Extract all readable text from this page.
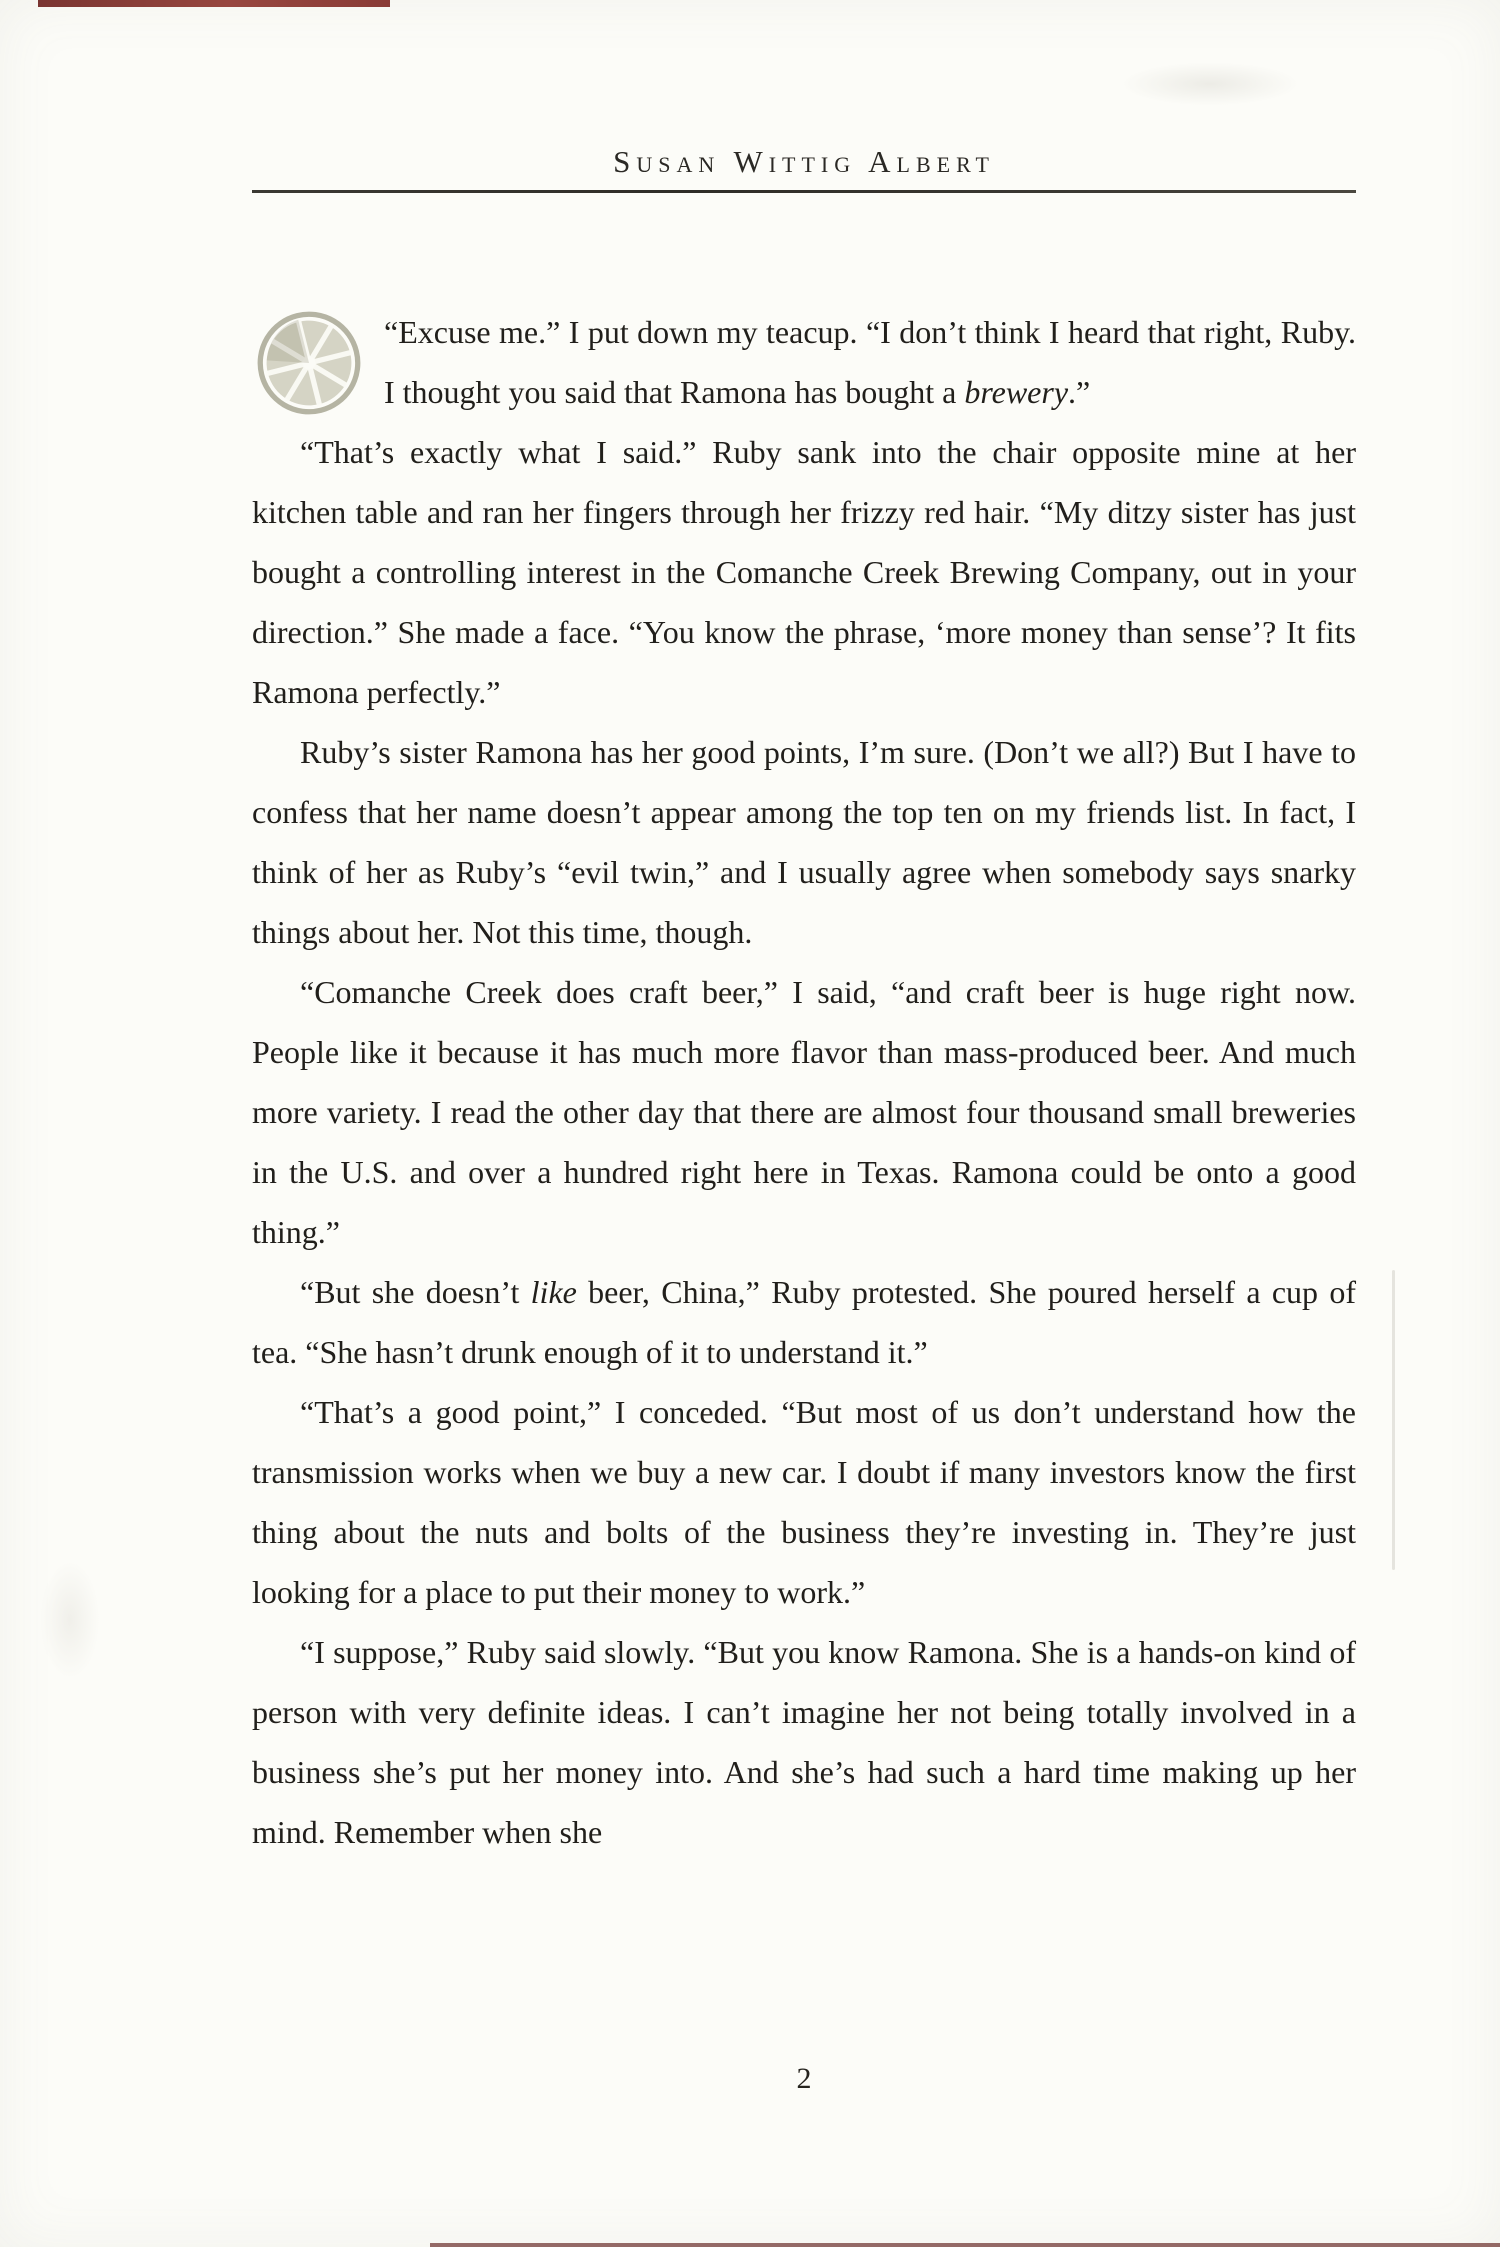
Susan Wittig Albert

“Excuse me.” I put down my teacup. “I don’t think I heard that right, Ruby. I thought you said that Ramona has bought a brewery.”

“That’s exactly what I said.” Ruby sank into the chair opposite mine at her kitchen table and ran her fingers through her frizzy red hair. “My ditzy sister has just bought a controlling interest in the Comanche Creek Brewing Company, out in your direction.” She made a face. “You know the phrase, ‘more money than sense’? It fits Ramona perfectly.”

Ruby’s sister Ramona has her good points, I’m sure. (Don’t we all?) But I have to confess that her name doesn’t appear among the top ten on my friends list. In fact, I think of her as Ruby’s “evil twin,” and I usually agree when somebody says snarky things about her. Not this time, though.

“Comanche Creek does craft beer,” I said, “and craft beer is huge right now. People like it because it has much more flavor than mass-produced beer. And much more variety. I read the other day that there are almost four thousand small breweries in the U.S. and over a hundred right here in Texas. Ramona could be onto a good thing.”

“But she doesn’t like beer, China,” Ruby protested. She poured herself a cup of tea. “She hasn’t drunk enough of it to understand it.”

“That’s a good point,” I conceded. “But most of us don’t understand how the transmission works when we buy a new car. I doubt if many investors know the first thing about the nuts and bolts of the business they’re investing in. They’re just looking for a place to put their money to work.”

“I suppose,” Ruby said slowly. “But you know Ramona. She is a hands-on kind of person with very definite ideas. I can’t imagine her not being totally involved in a business she’s put her money into. And she’s had such a hard time making up her mind. Remember when she

2
